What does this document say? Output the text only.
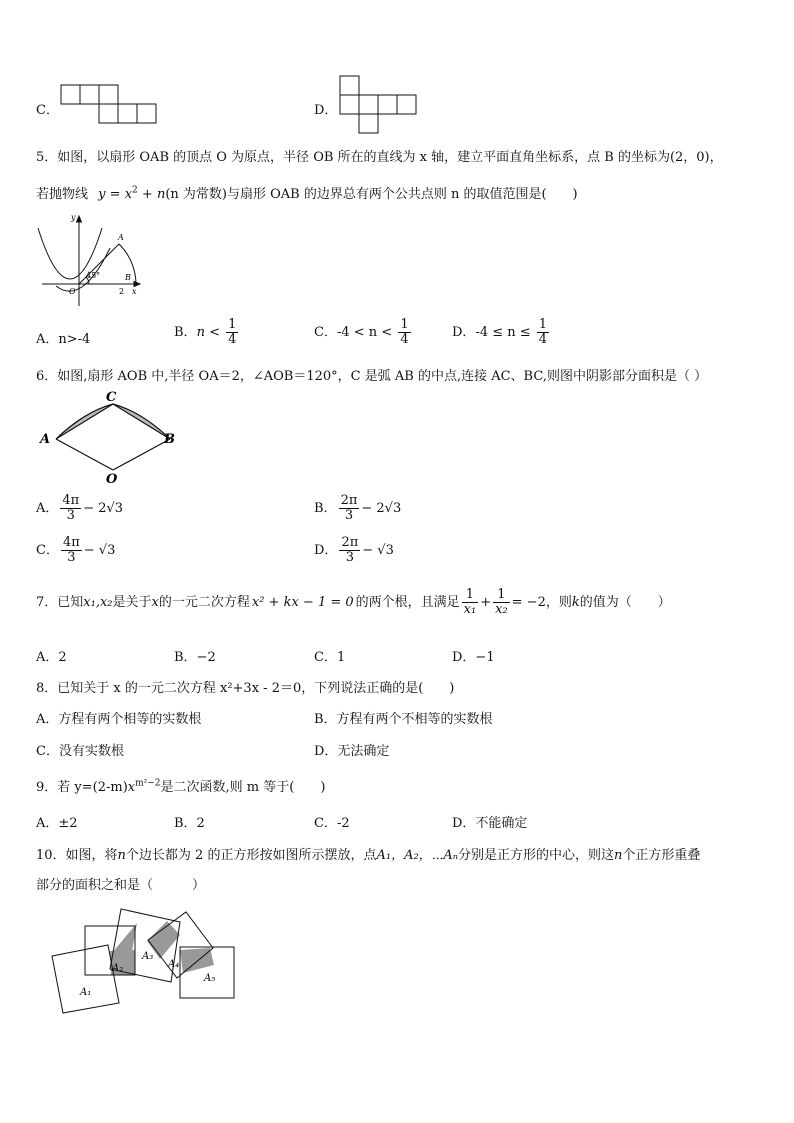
C．	D．
5．如图，以扇形 OAB 的顶点 O 为原点，半径 OB 所在的直线为 x 轴，建立平面直角坐标系，点 B 的坐标为(2，0)，
若抛物线 $y = x^2 + n(n$ 为常数)与扇形 OAB 的边界总有两个公共点则 n 的取值范围是(　　)
y
A
45°	B
O	2 x
A．n>-4	B．$n < \frac{1}{4}$	C．$-4 < n < \frac{1}{4}$	D．$-4 \le n \le \frac{1}{4}$
6．如图,扇形 AOB 中,半径 OA＝2，∠AOB＝120°，C 是弧 AB 的中点,连接 AC、BC,则图中阴影部分面积是（ ）
C
A	B
O
A． $\frac{4\pi}{3} - 2√3$	B． $\frac{2\pi}{3} - 2√3$
C． $\frac{4\pi}{3} - √3$	D． $\frac{2\pi}{3} - √3$
7．已知x₁,x₂是关于x的一元二次方程 x² + kx − 1 = 0 的两个根，且满足 $\frac{1}{\text{x₁}} + \frac{1}{\text{x₂}} = -2$，则k的值为（　　）
A．2	B．−2	C．1	D．−1
8．已知关于 x 的一元二次方程 x²+3x - 2＝0，下列说法正确的是(　　)
A．方程有两个相等的实数根	B．方程有两个不相等的实数根
C．没有实数根	D．无法确定
9．若 $y=(2-m)x^{m^2-2}$是二次函数,则 m 等于(　　)
A．±2	B．2	C．-2	D．不能确定
10．如图，将n个边长都为 2 的正方形按如图所示摆放，点A₁，A₂，⋯Aₙ分别是正方形的中心，则这n个正方形重叠
部分的面积之和是（　　　）
A₁
A₂
A₃
A₄
A₅
